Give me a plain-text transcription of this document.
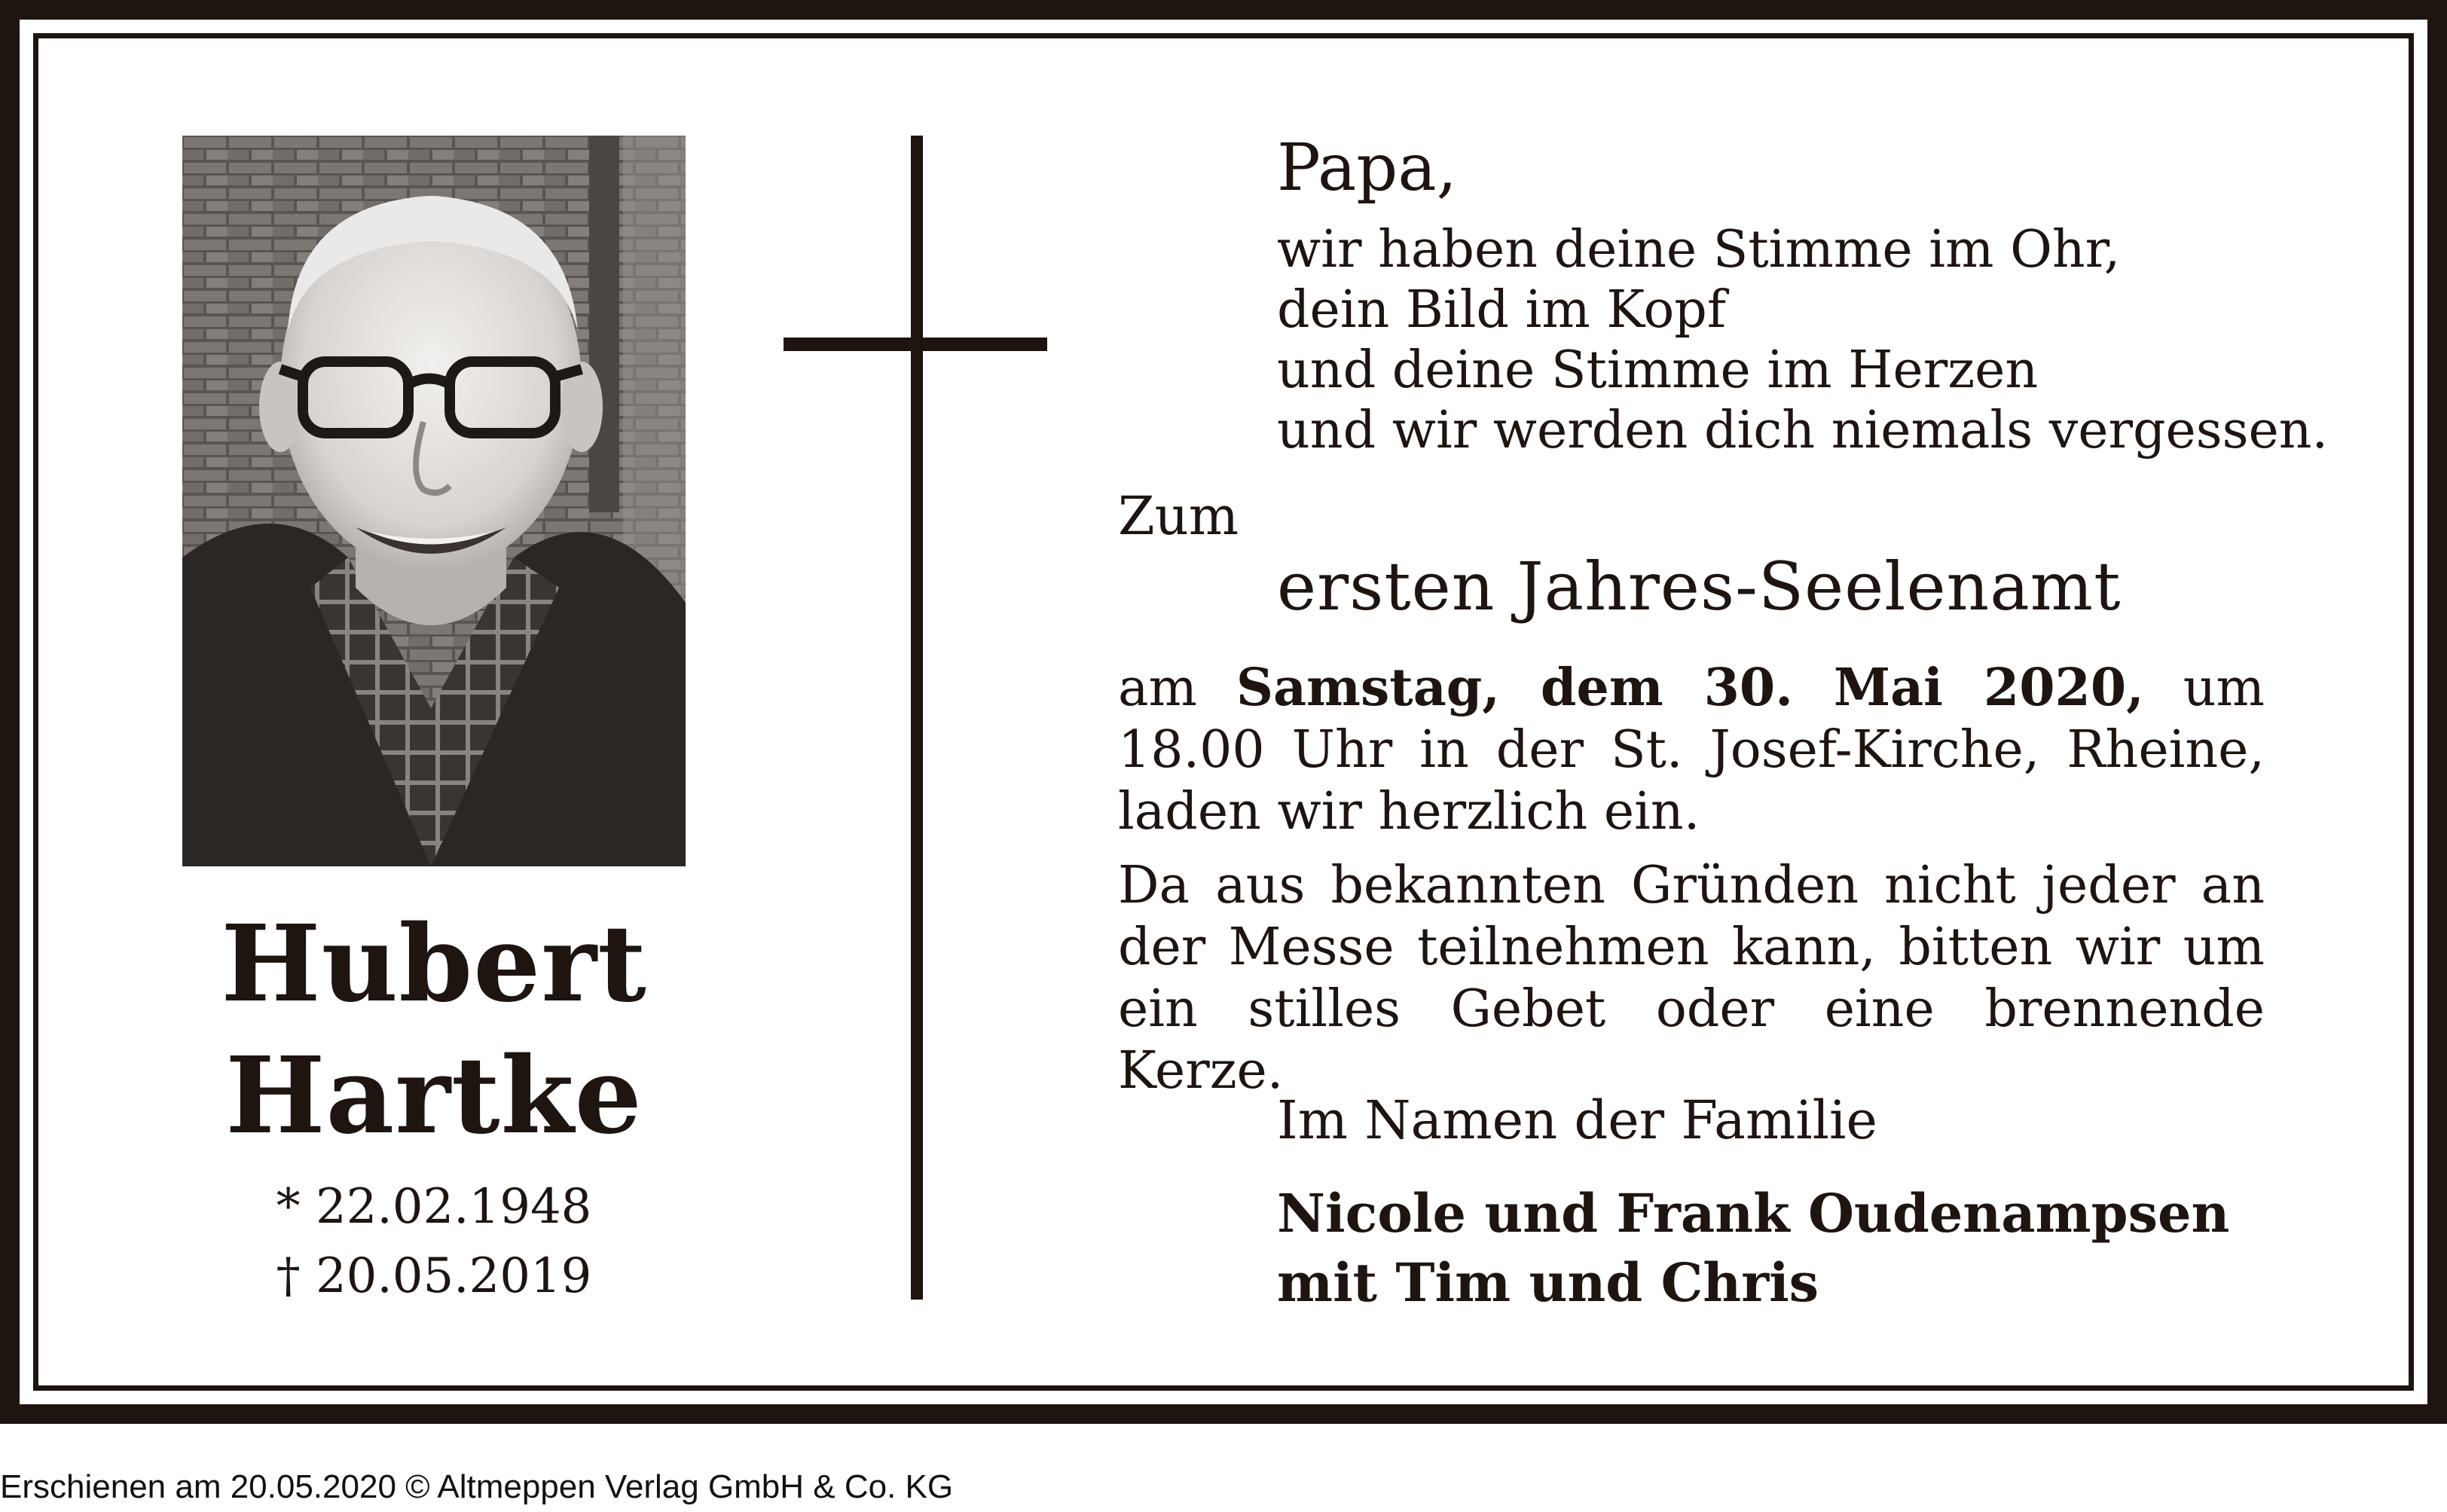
Hubert
Hartke
* 22.02.1948
† 20.05.2019
Papa,
wir haben deine Stimme im Ohr,
dein Bild im Kopf
und deine Stimme im Herzen
und wir werden dich niemals vergessen.
Zum
ersten Jahres-Seelenamt
am Samstag, dem 30. Mai 2020, um 18.00 Uhr in der St. Josef-Kirche, Rheine, laden wir herzlich ein.
Da aus bekannten Gründen nicht jeder an der Messe teilnehmen kann, bitten wir um ein stilles Gebet oder eine brennende Kerze.
Im Namen der Familie
Nicole und Frank Oudenampsen
mit Tim und Chris
Erschienen am 20.05.2020 © Altmeppen Verlag GmbH & Co. KG
